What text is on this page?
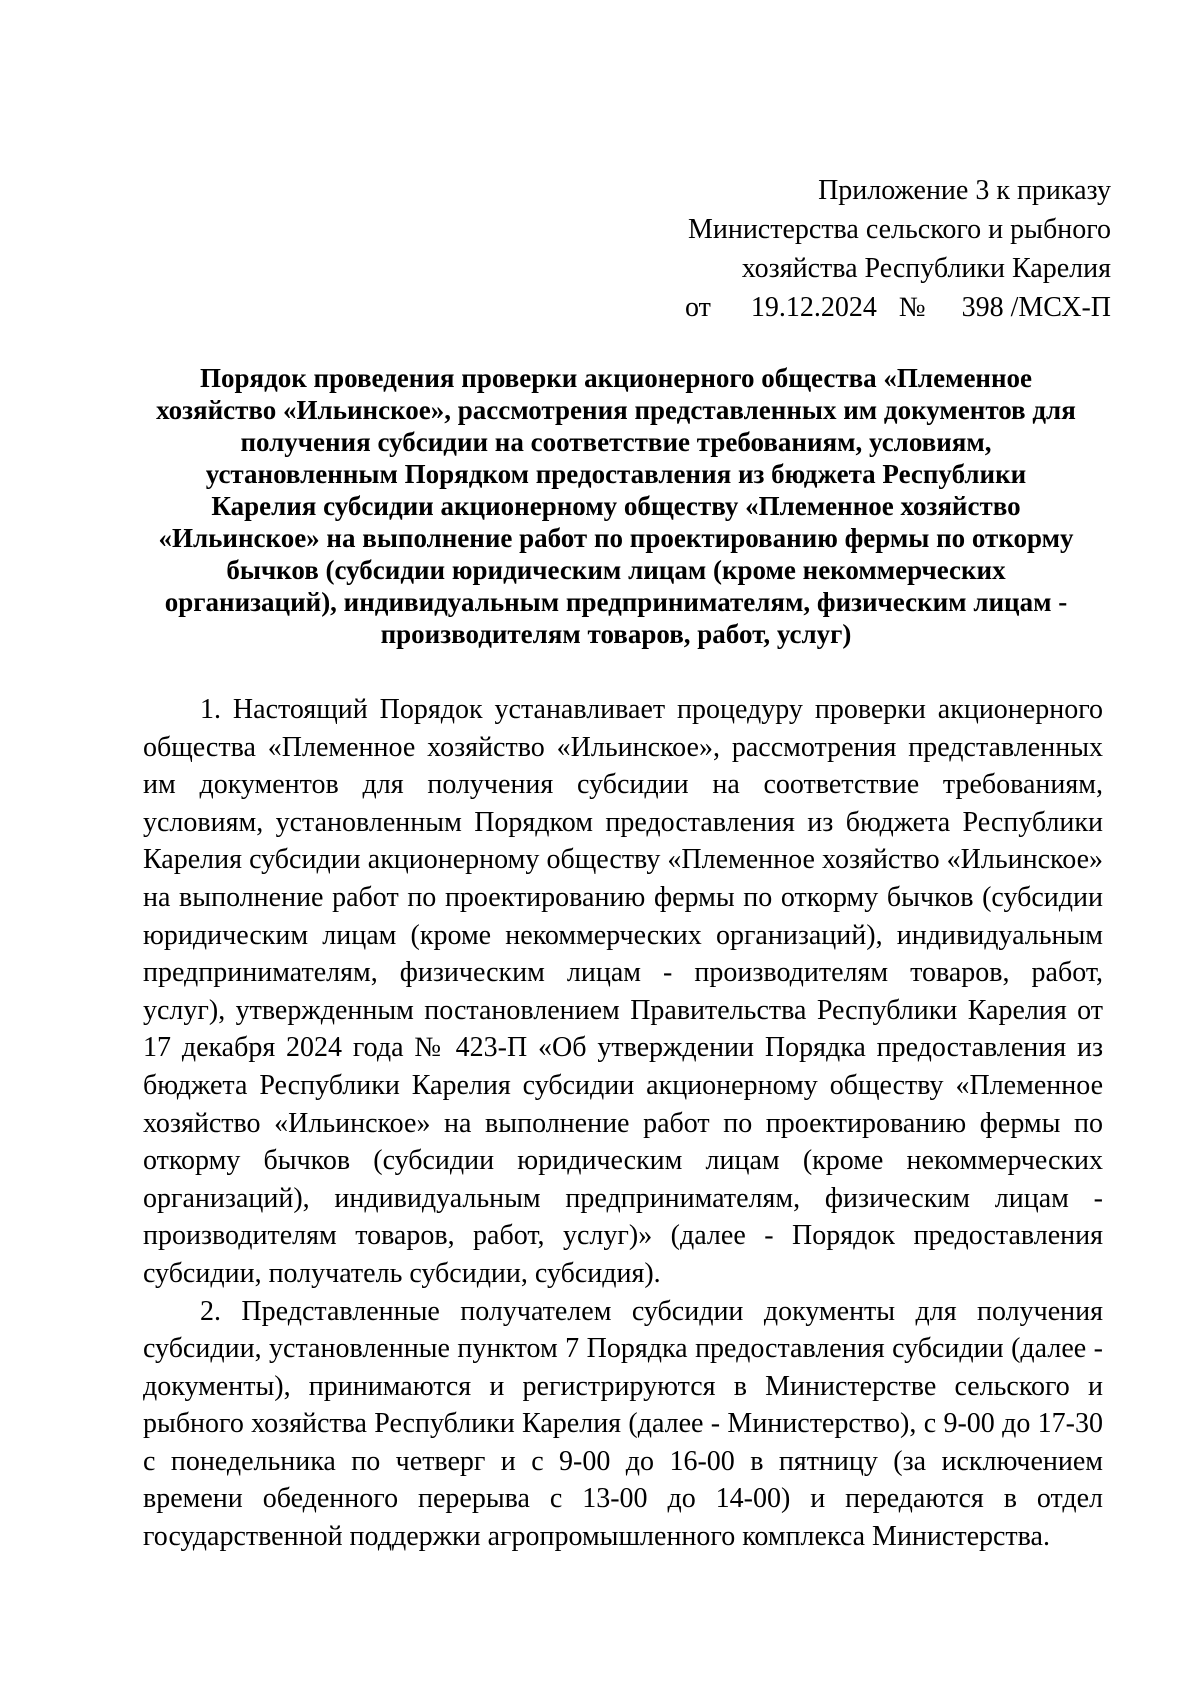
Приложение 3 к приказу
Министерства сельского и рыбного
хозяйства Республики Карелия
от 19.12.2024 № 398 /МСХ-П
Порядок проведения проверки акционерного общества «Племенное
хозяйство «Ильинское», рассмотрения представленных им документов для
получения субсидии на соответствие требованиям, условиям,
установленным Порядком предоставления из бюджета Республики
Карелия субсидии акционерному обществу «Племенное хозяйство
«Ильинское» на выполнение работ по проектированию фермы по откорму
бычков (субсидии юридическим лицам (кроме некоммерческих
организаций), индивидуальным предпринимателям, физическим лицам -
производителям товаров, работ, услуг)
1. Настоящий Порядок устанавливает процедуру проверки акционерного
общества «Племенное хозяйство «Ильинское», рассмотрения представленных
им документов для получения субсидии на соответствие требованиям,
условиям, установленным Порядком предоставления из бюджета Республики
Карелия субсидии акционерному обществу «Племенное хозяйство «Ильинское»
на выполнение работ по проектированию фермы по откорму бычков (субсидии
юридическим лицам (кроме некоммерческих организаций), индивидуальным
предпринимателям, физическим лицам - производителям товаров, работ,
услуг), утвержденным постановлением Правительства Республики Карелия от
17 декабря 2024 года № 423-П «Об утверждении Порядка предоставления из
бюджета Республики Карелия субсидии акционерному обществу «Племенное
хозяйство «Ильинское» на выполнение работ по проектированию фермы по
откорму бычков (субсидии юридическим лицам (кроме некоммерческих
организаций), индивидуальным предпринимателям, физическим лицам -
производителям товаров, работ, услуг)» (далее - Порядок предоставления
субсидии, получатель субсидии, субсидия).
2. Представленные получателем субсидии документы для получения
субсидии, установленные пунктом 7 Порядка предоставления субсидии (далее -
документы), принимаются и регистрируются в Министерстве сельского и
рыбного хозяйства Республики Карелия (далее - Министерство), с 9-00 до 17-30
с понедельника по четверг и с 9-00 до 16-00 в пятницу (за исключением
времени обеденного перерыва с 13-00 до 14-00) и передаются в отдел
государственной поддержки агропромышленного комплекса Министерства.
